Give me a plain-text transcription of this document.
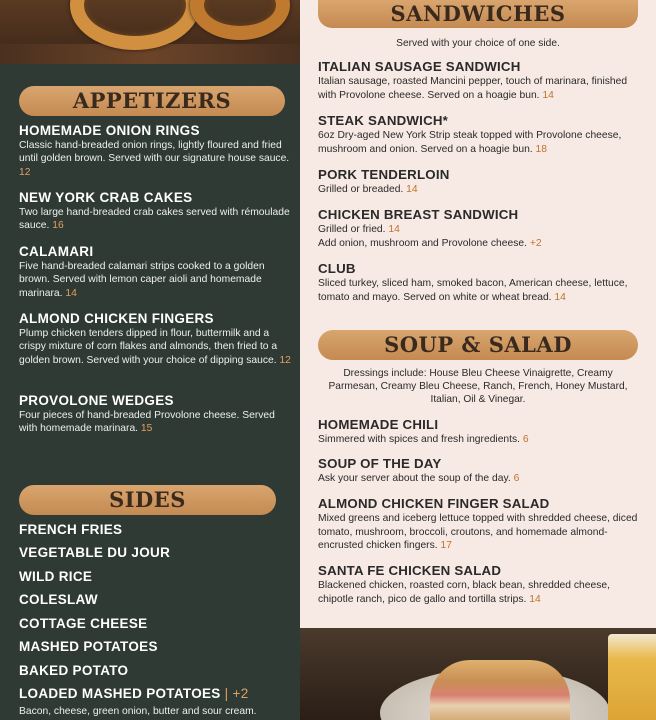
APPETIZERS
HOMEMADE ONION RINGS
Classic hand-breaded onion rings, lightly floured and fried until golden brown. Served with our signature house sauce. 12
NEW YORK CRAB CAKES
Two large hand-breaded crab cakes served with rémoulade sauce. 16
CALAMARI
Five hand-breaded calamari strips cooked to a golden brown. Served with lemon caper aioli and homemade marinara. 14
ALMOND CHICKEN FINGERS
Plump chicken tenders dipped in flour, buttermilk and a crispy mixture of corn flakes and almonds, then fried to a golden brown. Served with your choice of dipping sauce. 12
PROVOLONE WEDGES
Four pieces of hand-breaded Provolone cheese. Served with homemade marinara. 15
SIDES
FRENCH FRIES
VEGETABLE DU JOUR
WILD RICE
COLESLAW
COTTAGE CHEESE
MASHED POTATOES
BAKED POTATO
LOADED MASHED POTATOES | +2
Bacon, cheese, green onion, butter and sour cream.
SANDWICHES
Served with your choice of one side.
ITALIAN SAUSAGE SANDWICH
Italian sausage, roasted Mancini pepper, touch of marinara, finished with Provolone cheese. Served on a hoagie bun. 14
STEAK SANDWICH*
6oz Dry-aged New York Strip steak topped with Provolone cheese, mushroom and onion. Served on a hoagie bun. 18
PORK TENDERLOIN
Grilled or breaded. 14
CHICKEN BREAST SANDWICH
Grilled or fried. 14
Add onion, mushroom and Provolone cheese. +2
CLUB
Sliced turkey, sliced ham, smoked bacon, American cheese, lettuce, tomato and mayo. Served on white or wheat bread. 14
SOUP & SALAD
Dressings include: House Bleu Cheese Vinaigrette, Creamy Parmesan, Creamy Bleu Cheese, Ranch, French, Honey Mustard, Italian, Oil & Vinegar.
HOMEMADE CHILI
Simmered with spices and fresh ingredients. 6
SOUP OF THE DAY
Ask your server about the soup of the day. 6
ALMOND CHICKEN FINGER SALAD
Mixed greens and iceberg lettuce topped with shredded cheese, diced tomato, mushroom, broccoli, croutons, and homemade almond-encrusted chicken fingers. 17
SANTA FE CHICKEN SALAD
Blackened chicken, roasted corn, black bean, shredded cheese, chipotle ranch, pico de gallo and tortilla strips. 14
